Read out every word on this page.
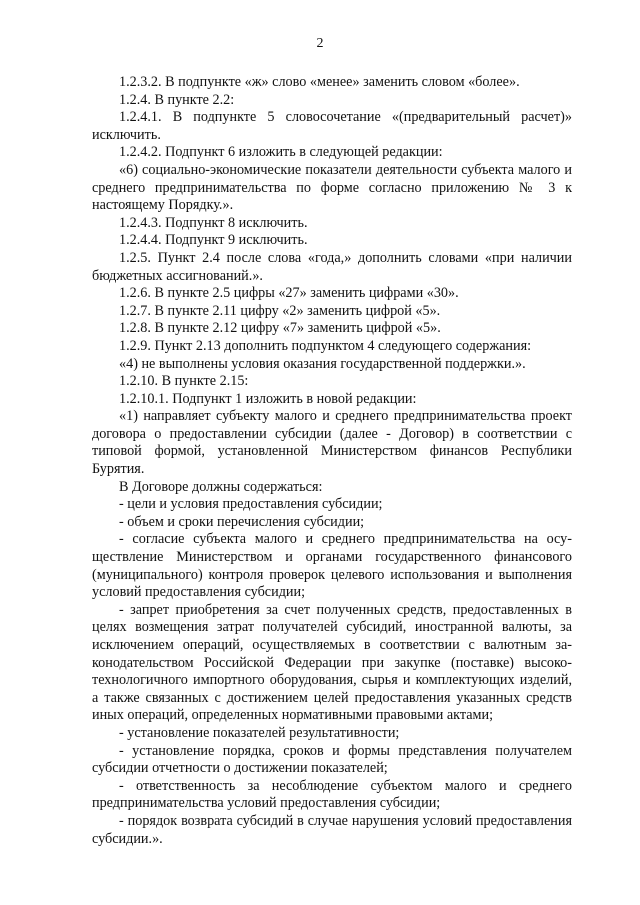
2

1.2.3.2. В подпункте «ж» слово «менее» заменить словом «более».

1.2.4. В пункте 2.2:

1.2.4.1. В подпункте 5 словосочетание «(предварительный расчет)» исключить.

1.2.4.2. Подпункт 6 изложить в следующей редакции:

«6) социально-экономические показатели деятельности субъекта малого и среднего предпринимательства по форме согласно приложению № 3 к настоящему Порядку.».

1.2.4.3. Подпункт 8 исключить.

1.2.4.4. Подпункт 9 исключить.

1.2.5. Пункт 2.4 после слова «года,» дополнить словами «при наличии бюджетных ассигнований.».

1.2.6. В пункте 2.5 цифры «27» заменить цифрами «30».

1.2.7. В пункте 2.11 цифру «2» заменить цифрой «5».

1.2.8. В пункте 2.12 цифру «7» заменить цифрой «5».

1.2.9. Пункт 2.13 дополнить подпунктом 4 следующего содержания:

«4) не выполнены условия оказания государственной поддержки.».

1.2.10. В пункте 2.15:

1.2.10.1. Подпункт 1 изложить в новой редакции:

«1) направляет субъекту малого и среднего предпринимательства проект договора о предоставлении субсидии (далее - Договор) в соответствии с типовой формой, установленной Министерством финансов Республики Бурятия.

В Договоре должны содержаться:

- цели и условия предоставления субсидии;

- объем и сроки перечисления субсидии;

- согласие субъекта малого и среднего предпринимательства на осуществление Министерством и органами государственного финансового (муниципального) контроля проверок целевого использования и выполнения условий предоставления субсидии;

- запрет приобретения за счет полученных средств, предоставленных в целях возмещения затрат получателей субсидий, иностранной валюты, за исключением операций, осуществляемых в соответствии с валютным законодательством Российской Федерации при закупке (поставке) высокотехнологичного импортного оборудования, сырья и комплектующих изделий, а также связанных с достижением целей предоставления указанных средств иных операций, определенных нормативными правовыми актами;

- установление показателей результативности;

- установление порядка, сроков и формы представления получателем субсидии отчетности о достижении показателей;

- ответственность за несоблюдение субъектом малого и среднего предпринимательства условий предоставления субсидии;

- порядок возврата субсидий в случае нарушения условий предоставления субсидии.».
